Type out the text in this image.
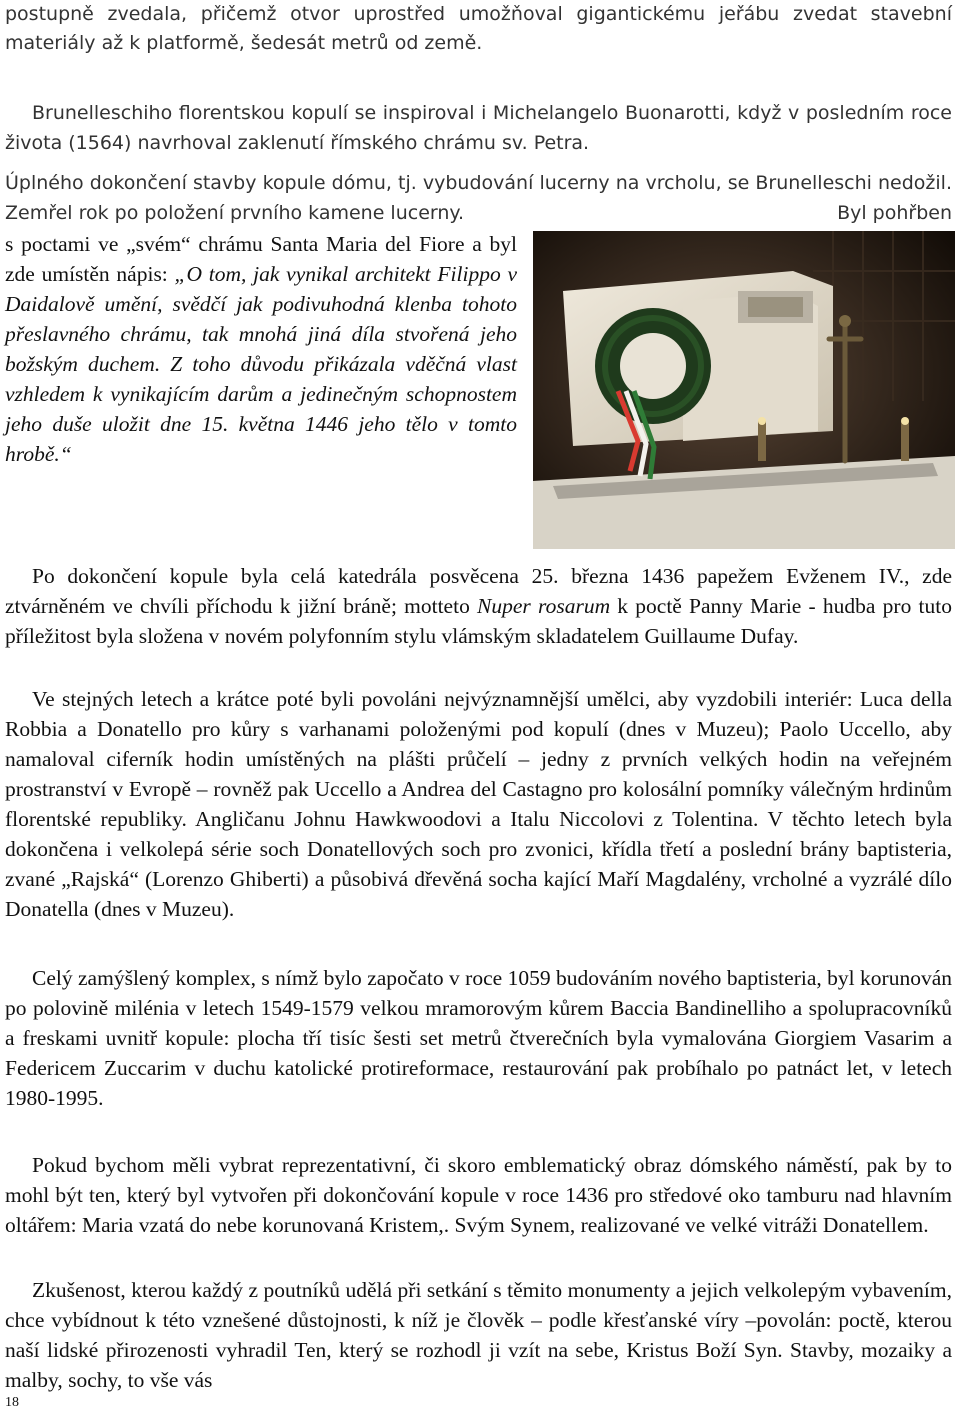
postupně zvedala, přičemž otvor uprostřed umožňoval gigantickému jeřábu zvedat stavební materiály až k platformě, šedesát metrů od země.

Brunelleschiho florentskou kopulí se inspiroval i Michelangelo Buonarotti, když v posledním roce života (1564) navrhoval zaklenutí římského chrámu sv. Petra.

Úplného dokončení stavby kopule dómu, tj. vybudování lucerny na vrcholu, se Brunelleschi nedožil. Zemřel rok po položení prvního kamene lucerny.	Byl pohřben

s poctami ve „svém“ chrámu Santa Maria del Fiore a byl zde umístěn nápis: „O tom, jak vynikal architekt Filippo v Daidalově umění, svědčí jak podivuhodná klenba tohoto přeslavného chrámu, tak mnohá jiná díla stvořená jeho božským duchem. Z toho důvodu přikázala vděčná vlast vzhledem k vynikajícím darům a jedinečným schopnostem jeho duše uložit dne 15. května 1446 jeho tělo v tomto hrobě.“

Po dokončení kopule byla celá katedrála posvěcena 25. března 1436 papežem Evženem IV., zde ztvárněném ve chvíli příchodu k jižní bráně; motteto Nuper rosarum k poctě Panny Marie - hudba pro tuto příležitost byla složena v novém polyfonním stylu vlámským skladatelem Guillaume Dufay.

Ve stejných letech a krátce poté byli povoláni nejvýznamnější umělci, aby vyzdobili interiér: Luca della Robbia a Donatello pro kůry s varhanami položenými pod kopulí (dnes v Muzeu); Paolo Uccello, aby namaloval ciferník hodin umístěných na plášti průčelí – jedny z prvních velkých hodin na veřejném prostranství v Evropě – rovněž pak Uccello a Andrea del Castagno pro kolosální pomníky válečným hrdinům florentské republiky. Angličanu Johnu Hawkwoodovi a Italu Niccolovi z Tolentina. V těchto letech byla dokončena i velkolepá série soch Donatellových soch pro zvonici, křídla třetí a poslední brány baptisteria, zvané „Rajská“ (Lorenzo Ghiberti) a působivá dřevěná socha kající Maří Magdalény, vrcholné a vyzrálé dílo Donatella (dnes v Muzeu).

Celý zamýšlený komplex, s nímž bylo započato v roce 1059 budováním nového baptisteria, byl korunován po polovině milénia v letech 1549-1579 velkou mramorovým kůrem Baccia Bandinelliho a spolupracovníků a freskami uvnitř kopule: plocha tří tisíc šesti set metrů čtverečních byla vymalována Giorgiem Vasarim a Federicem Zuccarim v duchu katolické protireformace, restaurování pak probíhalo po patnáct let, v letech 1980-1995.

Pokud bychom měli vybrat reprezentativní, či skoro emblematický obraz dómského náměstí, pak by to mohl být ten, který byl vytvořen při dokončování kopule v roce 1436 pro středové oko tamburu nad hlavním oltářem: Maria vzatá do nebe korunovaná Kristem,. Svým Synem, realizované ve velké vitráži Donatellem.

Zkušenost, kterou každý z poutníků udělá při setkání s těmito monumenty a jejich velkolepým vybavením, chce vybídnout k této vznešené důstojnosti, k níž je člověk – podle křesťanské víry –povolán: poctě, kterou naší lidské přirozenosti vyhradil Ten, který se rozhodl ji vzít na sebe, Kristus Boží Syn. Stavby, mozaiky a malby, sochy, to vše vás

18
